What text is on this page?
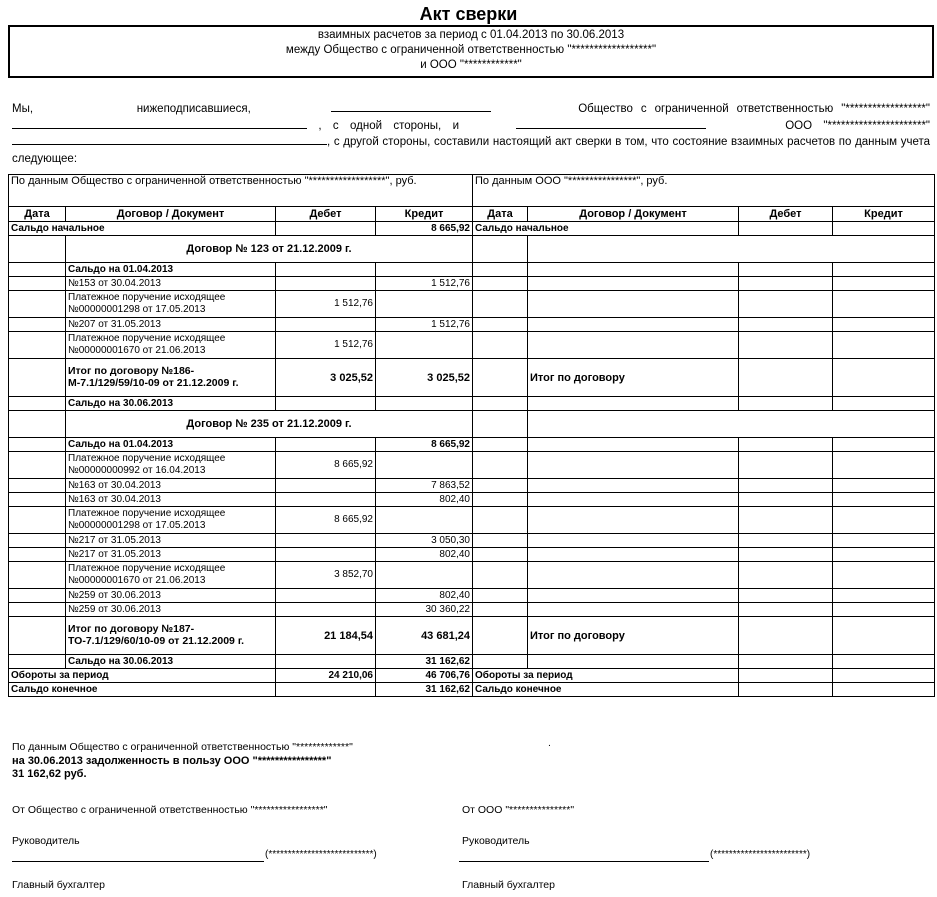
Акт сверки
взаимных расчетов за период с 01.04.2013 по 30.06.2013
между Общество с ограниченной ответственностью "******************"
и ООО "************"
Мы,	нижеподписавшиеся,	Общество с ограниченной ответственностью "******************"  , с одной стороны, и	ООО "**********************" , с другой стороны, составили настоящий акт сверки в том, что состояние взаимных расчетов по данным учета следующее:
По данным Общество с ограниченной ответственностью "******************", руб.				По данным ООО "****************", руб.			
Дата	Договор / Документ	Дебет	Кредит	Дата	Договор / Документ	Дебет	Кредит
Сальдо начальное			8 665,92	Сальдо начальное			
	Договор № 123 от 21.12.2009 г.						
	Сальдо на 01.04.2013						
	№153 от 30.04.2013		1 512,76				
	Платежное поручение исходящее №00000001298 от 17.05.2013	1 512,76					
	№207 от 31.05.2013		1 512,76				
	Платежное поручение исходящее №00000001670 от 21.06.2013	1 512,76					
	Итог по договору №186-М-7.1/129/59/10-09 от 21.12.2009 г.	3 025,52	3 025,52		Итог по договору		
	Сальдо на 30.06.2013						
	Договор № 235 от 21.12.2009 г.						
	Сальдо на 01.04.2013		8 665,92				
	Платежное поручение исходящее №00000000992 от 16.04.2013	8 665,92					
	№163 от 30.04.2013		7 863,52				
	№163 от 30.04.2013		802,40				
	Платежное поручение исходящее №00000001298 от 17.05.2013	8 665,92					
	№217 от 31.05.2013		3 050,30				
	№217 от 31.05.2013		802,40				
	Платежное поручение исходящее №00000001670 от 21.06.2013	3 852,70					
	№259 от 30.06.2013		802,40				
	№259 от 30.06.2013		30 360,22				
	Итог по договору №187-ТО-7.1/129/60/10-09 от 21.12.2009 г.	21 184,54	43 681,24		Итог по договору		
	Сальдо на 30.06.2013		31 162,62				
Обороты за период		24 210,06	46 706,76	Обороты за период			
Сальдо конечное			31 162,62	Сальдо конечное			
По данным Общество с ограниченной ответственностью "*************"	.
на 30.06.2013 задолженность в пользу ООО "****************"
31 162,62 руб.
От Общество с ограниченной ответственностью "*****************"	От ООО "***************"
Руководитель	Руководитель
(***************************)	(************************)
Главный бухгалтер	Главный бухгалтер
